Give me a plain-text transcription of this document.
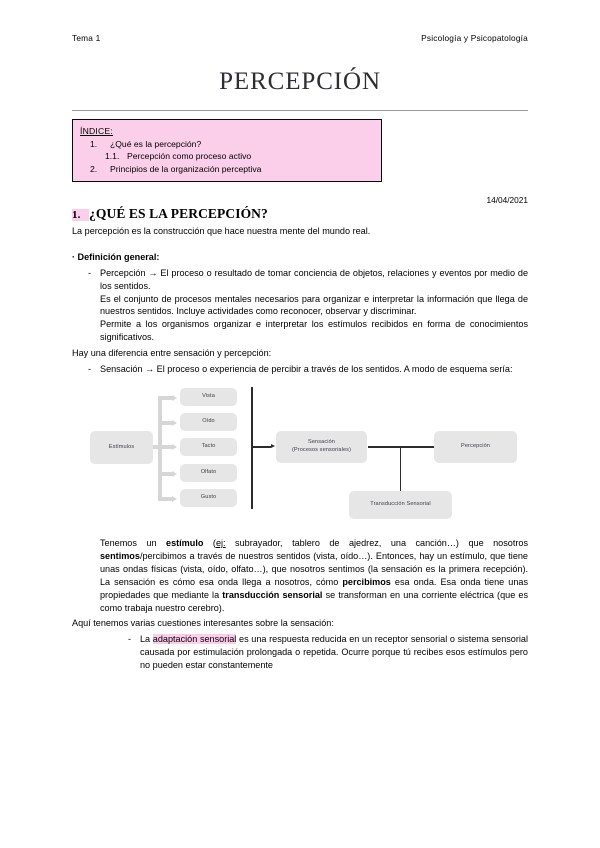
Tema 1	Psicología y Psicopatología
PERCEPCIÓN
ÍNDICE:
1.	¿Qué es la percepción?
1.1. Percepción como proceso activo
2.	Principios de la organización perceptiva
14/04/2021
1. ¿QUÉ ES LA PERCEPCIÓN?

La percepción es la construcción que hace nuestra mente del mundo real.

· Definición general:
- Percepción → El proceso o resultado de tomar conciencia de objetos, relaciones y eventos por medio de los sentidos.

Es el conjunto de procesos mentales necesarios para organizar e interpretar la información que llega de nuestros sentidos. Incluye actividades como reconocer, observar y discriminar.

Permite a los organismos organizar e interpretar los estímulos recibidos en forma de conocimientos significativos.

Hay una diferencia entre sensación y percepción:

- Sensación → El proceso o experiencia de percibir a través de los sentidos. A modo de esquema sería:

Estímulos
Vista
Oído
Tacto
Olfato
Gusto
Sensación
(Procesos sensoriales)
Percepción
Transducción Sensorial

Tenemos un estímulo (ej: subrayador, tablero de ajedrez, una canción…) que nosotros sentimos/percibimos a través de nuestros sentidos (vista, oído…). Entonces, hay un estímulo, que tiene unas ondas físicas (vista, oído, olfato…), que nosotros sentimos (la sensación es la primera recepción). La sensación es cómo esa onda llega a nosotros, cómo percibimos esa onda. Esa onda tiene unas propiedades que mediante la transducción sensorial se transforman en una corriente eléctrica (que es como trabaja nuestro cerebro).

Aquí tenemos varias cuestiones interesantes sobre la sensación:

- La adaptación sensorial es una respuesta reducida en un receptor sensorial o sistema sensorial causada por estimulación prolongada o repetida. Ocurre porque tú recibes esos estímulos pero no pueden estar constantemente
